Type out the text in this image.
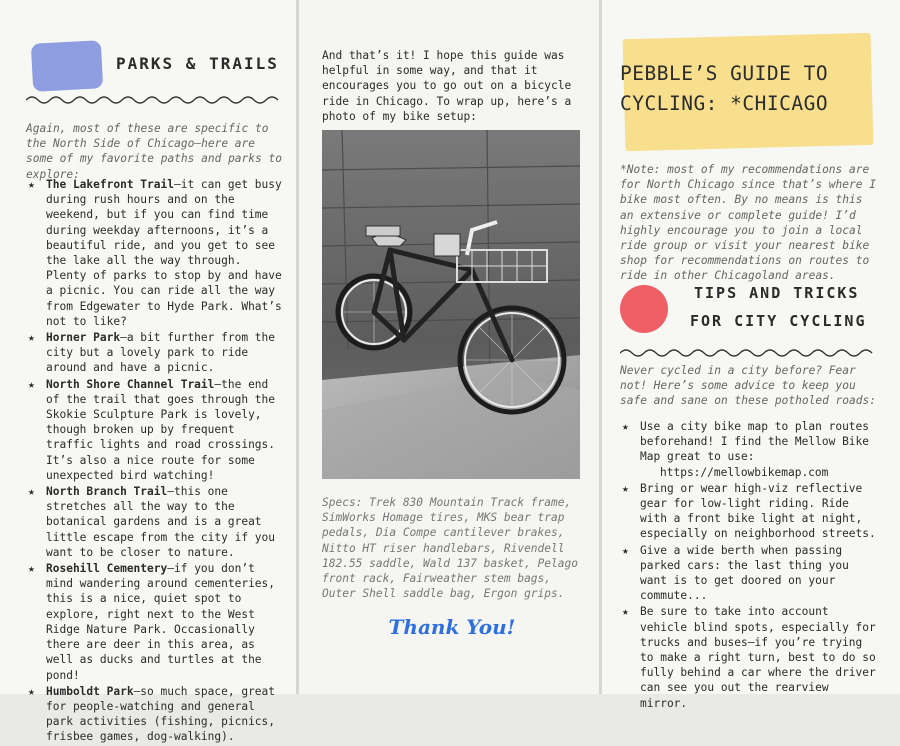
PARKS & TRAILS

Again, most of these are specific to the North Side of Chicago—here are some of my favorite paths and parks to explore:

★ The Lakefront Trail—it can get busy during rush hours and on the weekend, but if you can find time during weekday afternoons, it’s a beautiful ride, and you get to see the lake all the way through. Plenty of parks to stop by and have a picnic. You can ride all the way from Edgewater to Hyde Park. What’s not to like?
★ Horner Park—a bit further from the city but a lovely park to ride around and have a picnic.
★ North Shore Channel Trail—the end of the trail that goes through the Skokie Sculpture Park is lovely, though broken up by frequent traffic lights and road crossings. It’s also a nice route for some unexpected bird watching!
★ North Branch Trail—this one stretches all the way to the botanical gardens and is a great little escape from the city if you want to be closer to nature.
★ Rosehill Cementery—if you don’t mind wandering around cementeries, this is a nice, quiet spot to explore, right next to the West Ridge Nature Park. Occasionally there are deer in this area, as well as ducks and turtles at the pond!
★ Humboldt Park—so much space, great for people-watching and general park activities (fishing, picnics, frisbee games, dog-walking).

And that’s it! I hope this guide was helpful in some way, and that it encourages you to go out on a bicycle ride in Chicago. To wrap up, here’s a photo of my bike setup:

Specs: Trek 830 Mountain Track frame, SimWorks Homage tires, MKS bear trap pedals, Dia Compe cantilever brakes, Nitto HT riser handlebars, Rivendell 182.55 saddle, Wald 137 basket, Pelago front rack, Fairweather stem bags, Outer Shell saddle bag, Ergon grips.

Thank You!
PEBBLE’S GUIDE TO
CYCLING: *CHICAGO

*Note: most of my recommendations are for North Chicago since that’s where I bike most often. By no means is this an extensive or complete guide! I’d highly encourage you to join a local ride group or visit your nearest bike shop for recommendations on routes to ride in other Chicagoland areas.

TIPS AND TRICKS
FOR CITY CYCLING

Never cycled in a city before? Fear not! Here’s some advice to keep you safe and sane on these potholed roads:

★ Use a city bike map to plan routes beforehand! I find the Mellow Bike Map great to use:
https://mellowbikemap.com
★ Bring or wear high-viz reflective gear for low-light riding. Ride with a front bike light at night, especially on neighborhood streets.
★ Give a wide berth when passing parked cars: the last thing you want is to get doored on your commute...
★ Be sure to take into account vehicle blind spots, especially for trucks and buses—if you’re trying to make a right turn, best to do so fully behind a car where the driver can see you out the rearview mirror.
